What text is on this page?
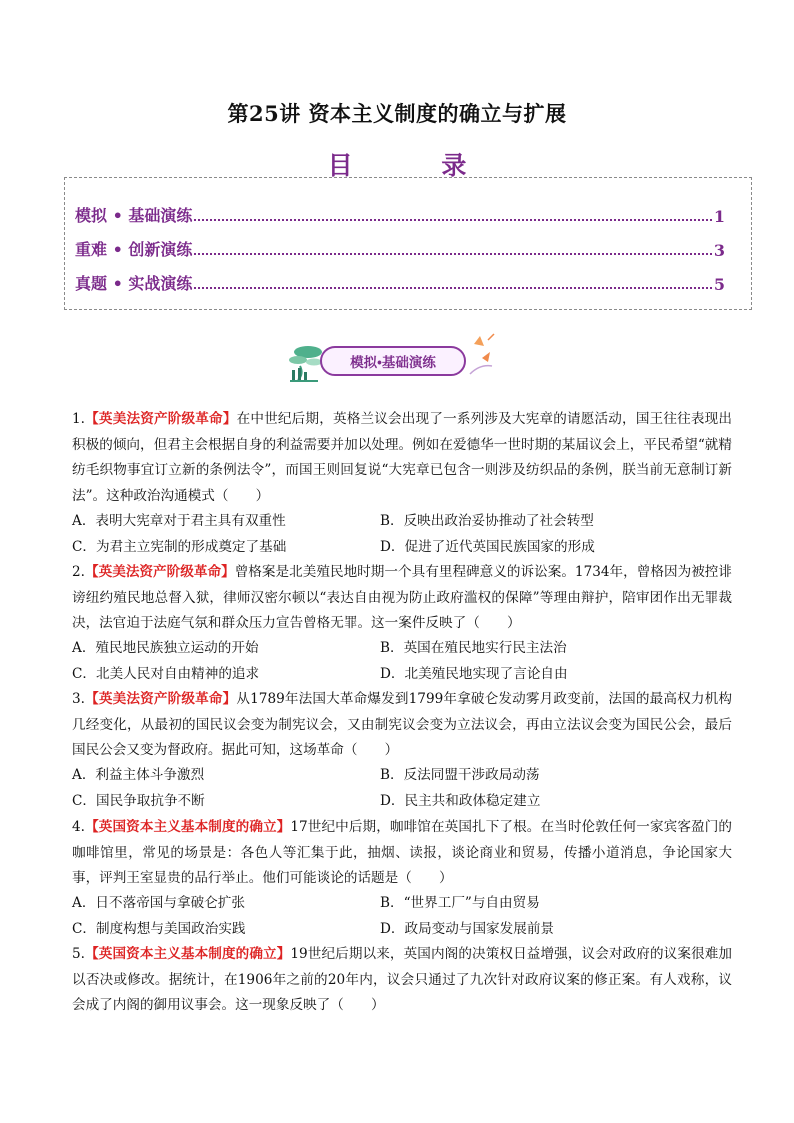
第25讲 资本主义制度的确立与扩展
目 录
模拟 • 基础演练	1
重难 • 创新演练	3
真题 • 实战演练	5
模拟•基础演练
1.【英美法资产阶级革命】在中世纪后期，英格兰议会出现了一系列涉及大宪章的请愿活动，国王往往表现出积极的倾向，但君主会根据自身的利益需要并加以处理。例如在爱德华一世时期的某届议会上，平民希望“就精纺毛织物事宜订立新的条例法令”，而国王则回复说“大宪章已包含一则涉及纺织品的条例，朕当前无意制订新法”。这种政治沟通模式（　　）
A．表明大宪章对于君主具有双重性	B．反映出政治妥协推动了社会转型
C．为君主立宪制的形成奠定了基础	D．促进了近代英国民族国家的形成
2.【英美法资产阶级革命】曾格案是北美殖民地时期一个具有里程碑意义的诉讼案。1734年，曾格因为被控诽谤纽约殖民地总督入狱，律师汉密尔顿以“表达自由视为防止政府滥权的保障”等理由辩护，陪审团作出无罪裁决，法官迫于法庭气氛和群众压力宣告曾格无罪。这一案件反映了（　　）
A．殖民地民族独立运动的开始	B．英国在殖民地实行民主法治
C．北美人民对自由精神的追求	D．北美殖民地实现了言论自由
3.【英美法资产阶级革命】从1789年法国大革命爆发到1799年拿破仑发动雾月政变前，法国的最高权力机构几经变化，从最初的国民议会变为制宪议会，又由制宪议会变为立法议会，再由立法议会变为国民公会，最后国民公会又变为督政府。据此可知，这场革命（　　）
A．利益主体斗争激烈	B．反法同盟干涉政局动荡
C．国民争取抗争不断	D．民主共和政体稳定建立
4.【英国资本主义基本制度的确立】17世纪中后期，咖啡馆在英国扎下了根。在当时伦敦任何一家宾客盈门的咖啡馆里，常见的场景是：各色人等汇集于此，抽烟、读报，谈论商业和贸易，传播小道消息，争论国家大事，评判王室显贵的品行举止。他们可能谈论的话题是（　　）
A．日不落帝国与拿破仑扩张	B．“世界工厂”与自由贸易
C．制度构想与美国政治实践	D．政局变动与国家发展前景
5.【英国资本主义基本制度的确立】19世纪后期以来，英国内阁的决策权日益增强，议会对政府的议案很难加以否决或修改。据统计，在1906年之前的20年内，议会只通过了九次针对政府议案的修正案。有人戏称，议会成了内阁的御用议事会。这一现象反映了（　　）
